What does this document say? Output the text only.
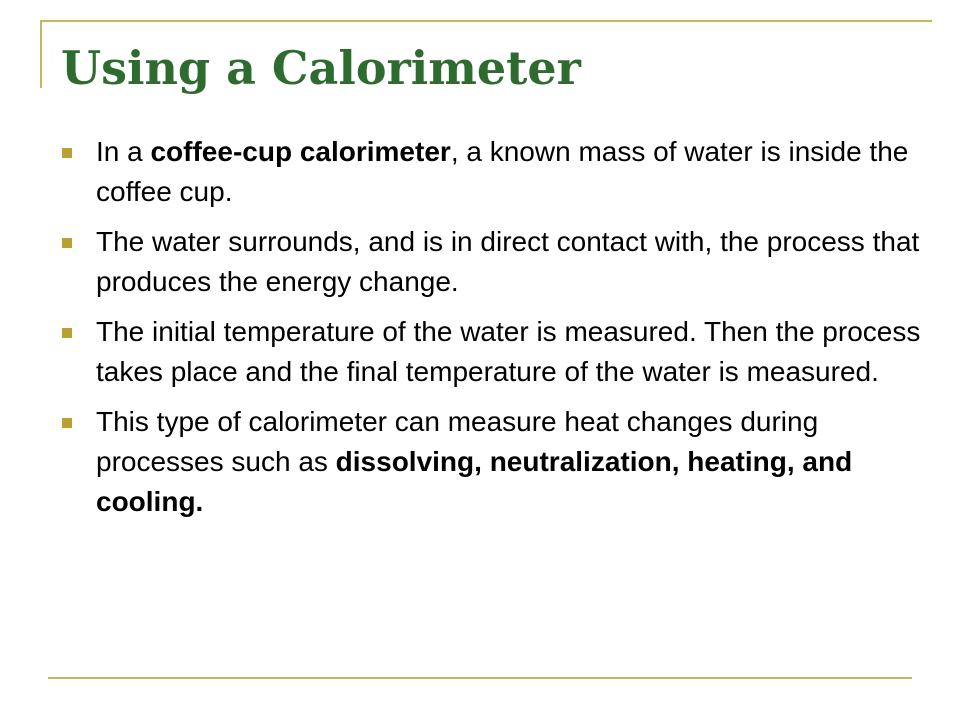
Using a Calorimeter
In a coffee-cup calorimeter, a known mass of water is inside the coffee cup.
The water surrounds, and is in direct contact with, the process that produces the energy change.
The initial temperature of the water is measured. Then the process takes place and the final temperature of the water is measured.
This type of calorimeter can measure heat changes during processes such as dissolving, neutralization, heating, and cooling.
